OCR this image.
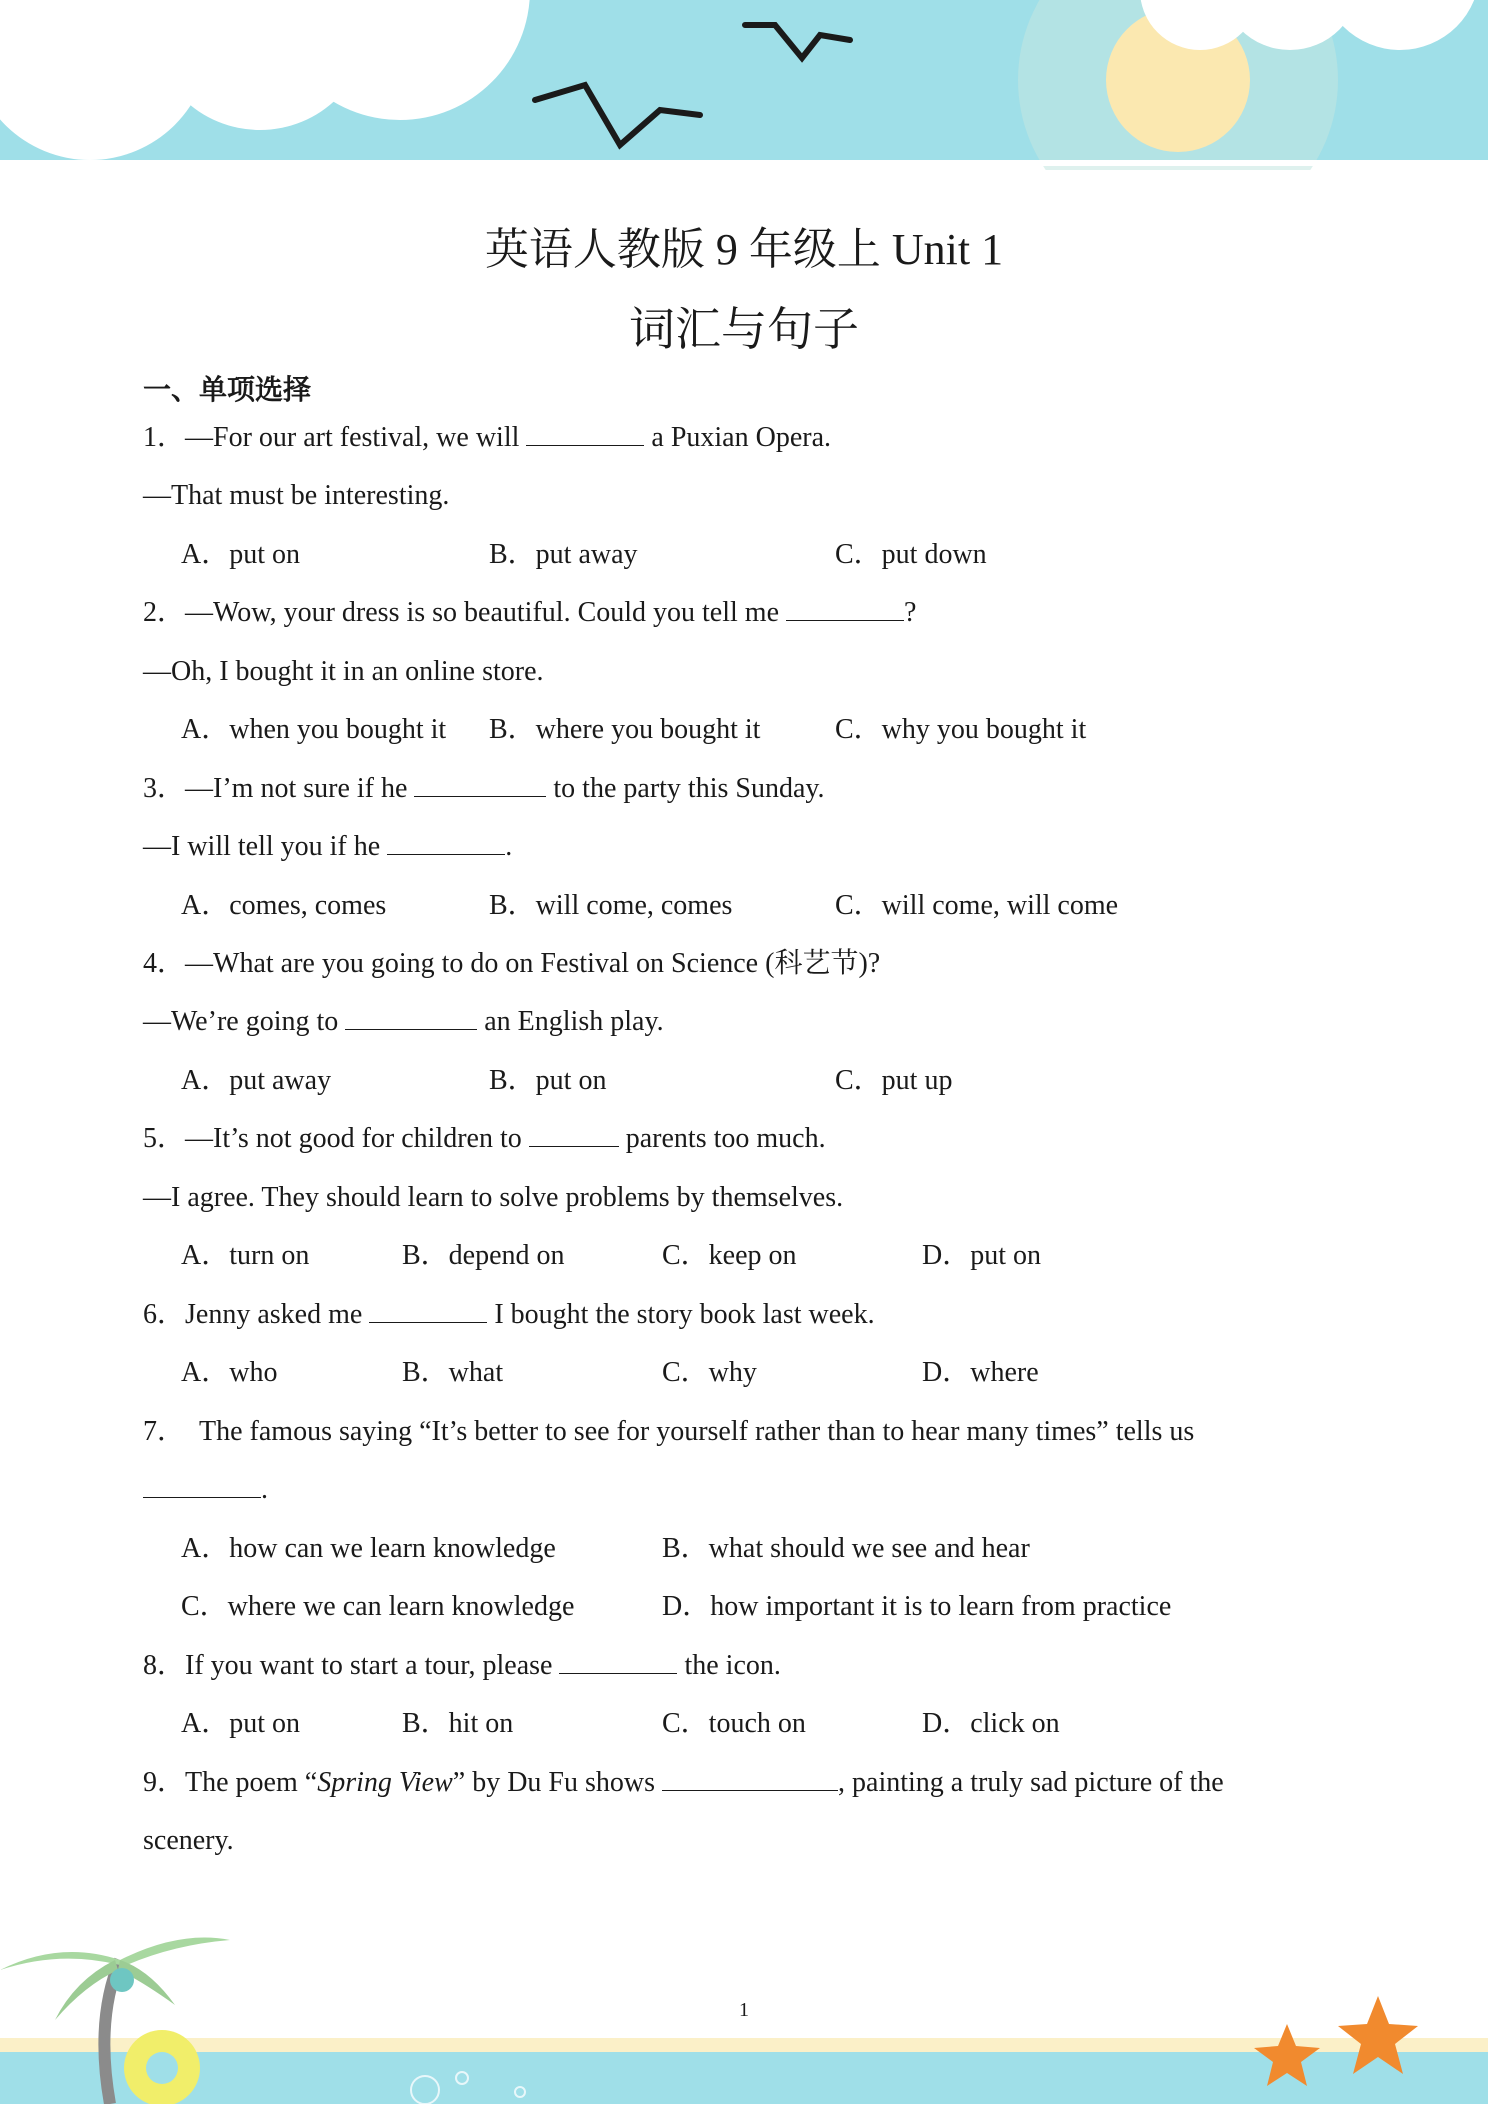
英语人教版 9 年级上 Unit 1
词汇与句子
一、单项选择
1．—For our art festival, we will	a Puxian Opera.
—That must be interesting.
A．put on	B．put away	C．put down
2．—Wow, your dress is so beautiful. Could you tell me	?
—Oh, I bought it in an online store.
A．when you bought it B．where you bought it	C．why you bought it
3．—I’m not sure if he	to the party this Sunday.
—I will tell you if he	.
A．comes, comes	B．will come, comes	C．will come, will come
4．—What are you going to do on Festival on Science (科艺节)?
—We’re going to	an English play.
A．put away	B．put on	C．put up
5．—It’s not good for children to	parents too much.
—I agree. They should learn to solve problems by themselves.
A．turn on	B．depend on	C．keep on	D．put on
6．Jenny asked me	I bought the story book last week.
A．who	B．what	C．why	D．where
7． The famous saying “It’s better to see for yourself rather than to hear many times” tells us
.
A．how can we learn knowledge	B．what should we see and hear
C．where we can learn knowledge	D．how important it is to learn from practice
8．If you want to start a tour, please	the icon.
A．put on	B．hit on	C．touch on	D．click on
9．The poem “Spring View” by Du Fu shows	, painting a truly sad picture of the
scenery.
1
